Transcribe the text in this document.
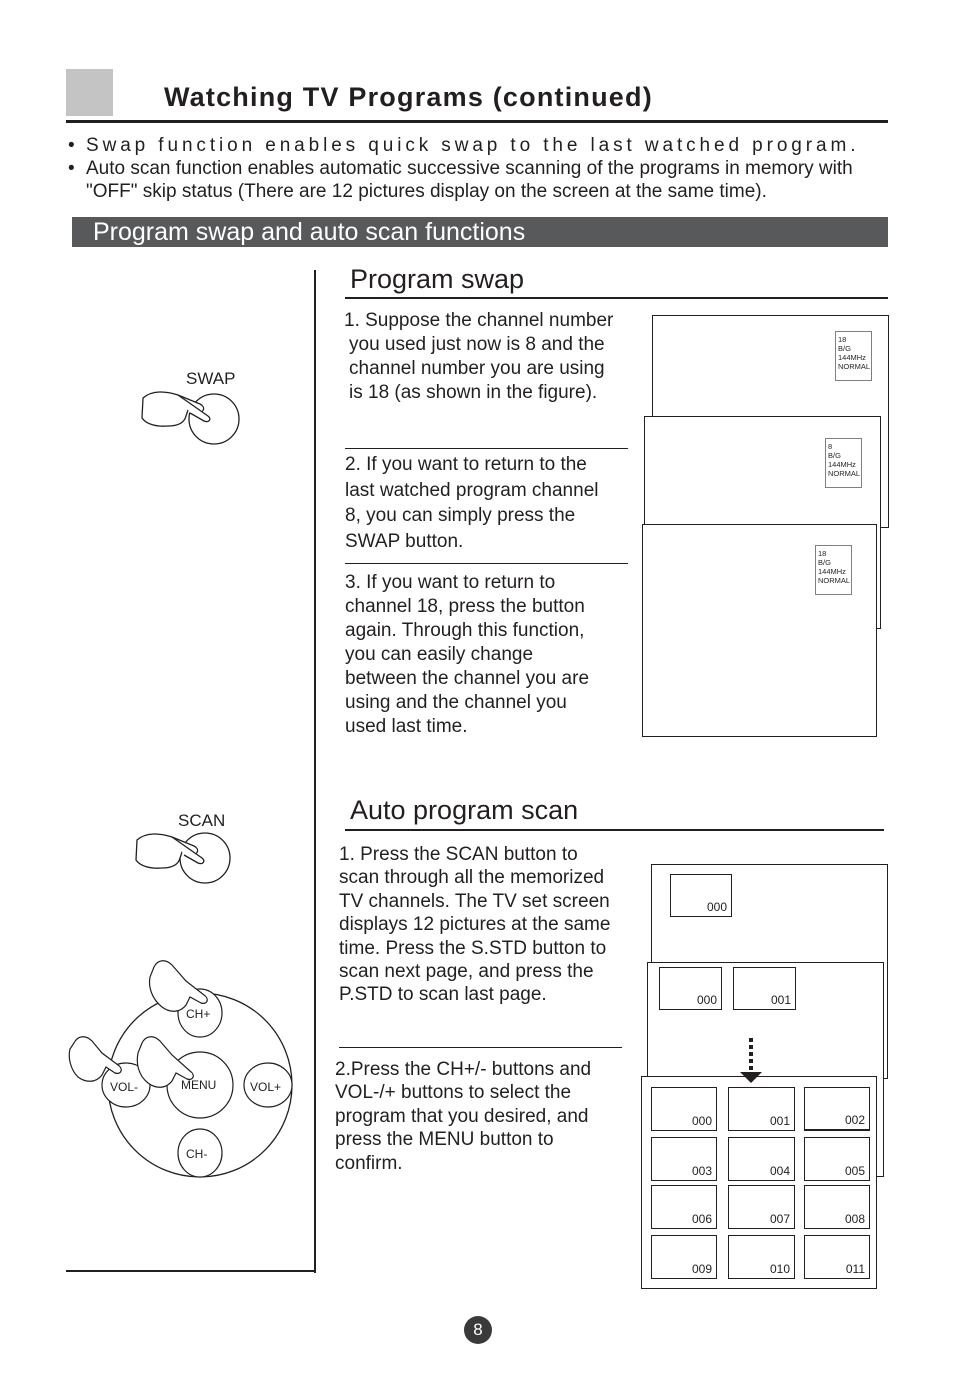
Watching TV Programs (continued)
• Swap function enables quick swap to the last watched program.
• Auto scan function enables automatic successive scanning of the programs in memory with "OFF" skip status (There are 12 pictures display on the screen at the same time).
Program swap and auto scan functions
SWAP
SCAN
CH+
CH-
VOL-	VOL+
MENU
Program swap
1. Suppose the channel number
you used just now is 8 and the
channel number you are using
is 18 (as shown in the figure).
2. If you want to return to the
last watched program channel
8, you can simply press the
SWAP button.
3. If you want to return to
channel 18, press the button
again. Through this function,
you can easily change
between the channel you are
using and the channel you
used last time.
18
B/G
144MHz
NORMAL
8
B/G
144MHz
NORMAL
18
B/G
144MHz
NORMAL
Auto program scan
1. Press the SCAN button to
scan through all the memorized
TV channels. The TV set screen
displays 12 pictures at the same
time. Press the S.STD button to
scan next page, and press the
P.STD to scan last page.
2.Press the CH+/- buttons and
VOL-/+ buttons to select the
program that you desired, and
press the MENU button to
confirm.
000
000	001
000	001	002
003	004	005
006	007	008
009	010	011
8
